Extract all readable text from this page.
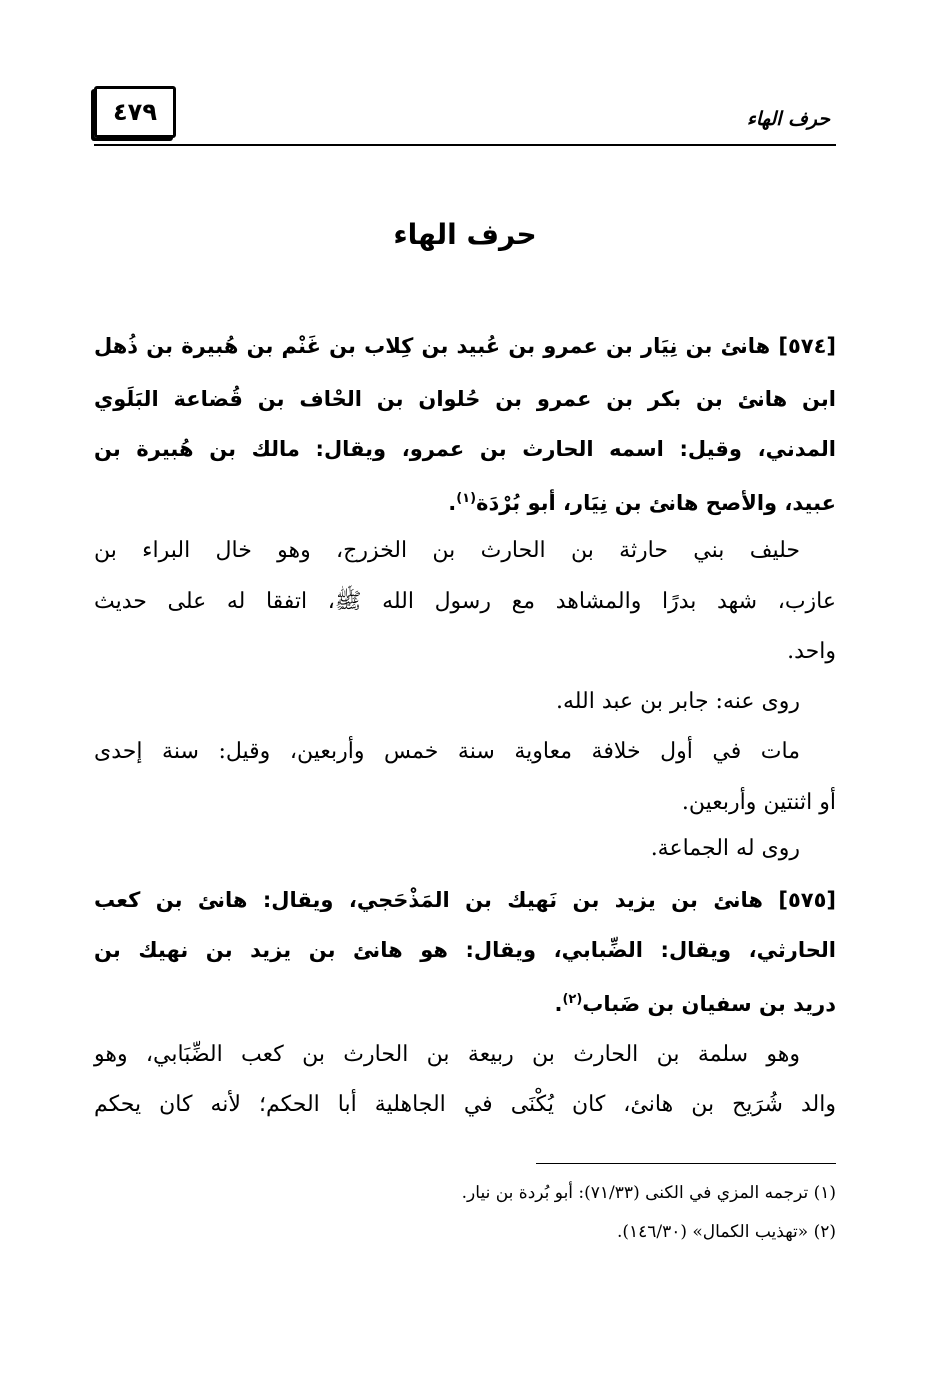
حرف الهاء
٤٧٩
حرف الهاء
[٥٧٤] هانئ بن نِيَار بن عمرو بن عُبيد بن كِلاب بن غَنْم بن هُبيرة بن ذُهل
ابن هانئ بن بكر بن عمرو بن حُلوان بن الحْاف بن قُضاعة البَلَوي
المدني، وقيل: اسمه الحارث بن عمرو، ويقال: مالك بن هُبيرة بن
عبيد، والأصح هانئ بن نِيَار، أبو بُرْدَة$^{(١)}$.
حليف بني حارثة بن الحارث بن الخزرج، وهو خال البراء بن
عازب، شهد بدرًا والمشاهد مع رسول الله ﷺ، اتفقا له على حديث
واحد.
روى عنه: جابر بن عبد الله.
مات في أول خلافة معاوية سنة خمس وأربعين، وقيل: سنة إحدى
أو اثنتين وأربعين.
روى له الجماعة.
[٥٧٥] هانئ بن يزيد بن نَهيك بن المَذْحَجي، ويقال: هانئ بن كعب
الحارثي، ويقال: الضِّبابي، ويقال: هو هانئ بن يزيد بن نهيك بن
دريد بن سفيان بن ضَباب$^{(٢)}$.
وهو سلمة بن الحارث بن ربيعة بن الحارث بن كعب الضِّبَابي، وهو
والد شُرَيح بن هانئ، كان يُكْنَى في الجاهلية أبا الحكم؛ لأنه كان يحكم
(١) ترجمه المزي في الكنى (٧١/٣٣): أبو بُردة بن نيار.
(٢) «تهذيب الكمال» (١٤٦/٣٠).
